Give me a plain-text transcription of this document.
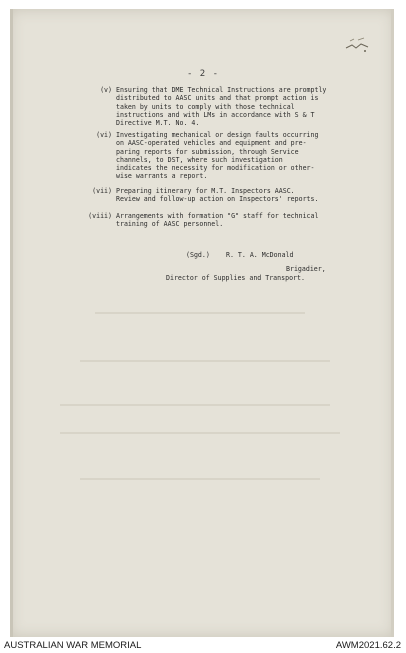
- 2 -
(v) Ensuring that DME Technical Instructions are promptly
distributed to AASC units and that prompt action is
taken by units to comply with those technical
instructions and with LMs in accordance with S & T
Directive M.T. No. 4.
(vi) Investigating mechanical or design faults occurring
on AASC-operated vehicles and equipment and pre-
paring reports for submission, through Service
channels, to DST, where such investigation
indicates the necessity for modification or other-
wise warrants a report.
(vii) Preparing itinerary for M.T. Inspectors AASC.
Review and follow-up action on Inspectors' reports.
(viii) Arrangements with formation "G" staff for technical
training of AASC personnel.
(Sgd.) R. T. A. McDonald
Brigadier,
Director of Supplies and Transport.
AUSTRALIAN WAR MEMORIAL	AWM2021.62.2
